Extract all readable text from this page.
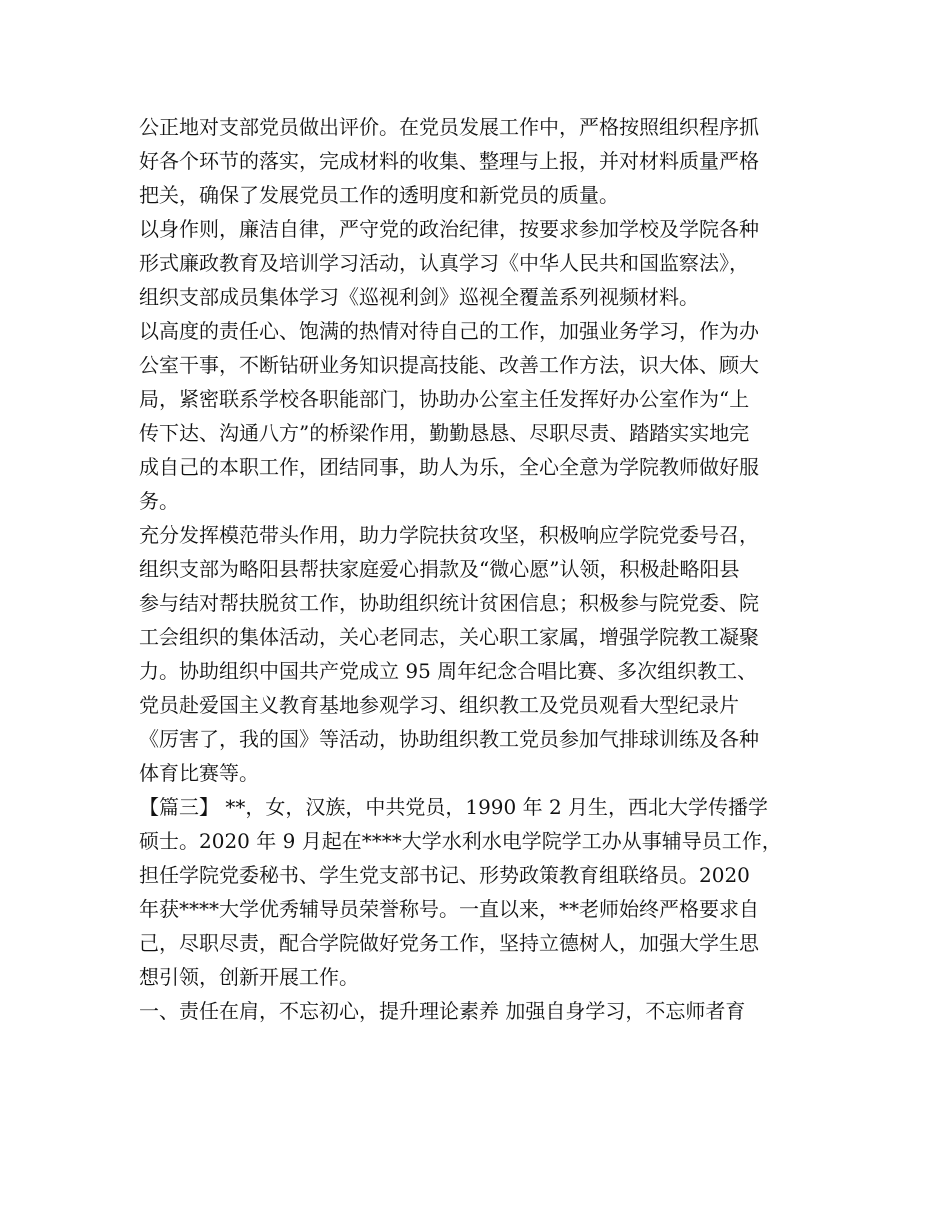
公正地对支部党员做出评价。在党员发展工作中，严格按照组织程序抓
好各个环节的落实，完成材料的收集、整理与上报，并对材料质量严格
把关，确保了发展党员工作的透明度和新党员的质量。
以身作则，廉洁自律，严守党的政治纪律，按要求参加学校及学院各种
形式廉政教育及培训学习活动，认真学习《中华人民共和国监察法》，
组织支部成员集体学习《巡视利剑》巡视全覆盖系列视频材料。
以高度的责任心、饱满的热情对待自己的工作，加强业务学习，作为办
公室干事，不断钻研业务知识提高技能、改善工作方法，识大体、顾大
局，紧密联系学校各职能部门，协助办公室主任发挥好办公室作为“上
传下达、沟通八方”的桥梁作用，勤勤恳恳、尽职尽责、踏踏实实地完
成自己的本职工作，团结同事，助人为乐，全心全意为学院教师做好服
务。
充分发挥模范带头作用，助力学院扶贫攻坚，积极响应学院党委号召，
组织支部为略阳县帮扶家庭爱心捐款及“微心愿”认领，积极赴略阳县
参与结对帮扶脱贫工作，协助组织统计贫困信息；积极参与院党委、院
工会组织的集体活动，关心老同志，关心职工家属，增强学院教工凝聚
力。协助组织中国共产党成立 95 周年纪念合唱比赛、多次组织教工、
党员赴爱国主义教育基地参观学习、组织教工及党员观看大型纪录片
《厉害了，我的国》等活动，协助组织教工党员参加气排球训练及各种
体育比赛等。
【篇三】 **，女，汉族，中共党员，1990 年 2 月生，西北大学传播学
硕士。2020 年 9 月起在****大学水利水电学院学工办从事辅导员工作，
担任学院党委秘书、学生党支部书记、形势政策教育组联络员。2020
年获****大学优秀辅导员荣誉称号。一直以来，**老师始终严格要求自
己，尽职尽责，配合学院做好党务工作，坚持立德树人，加强大学生思
想引领，创新开展工作。
一、责任在肩，不忘初心，提升理论素养 加强自身学习，不忘师者育
